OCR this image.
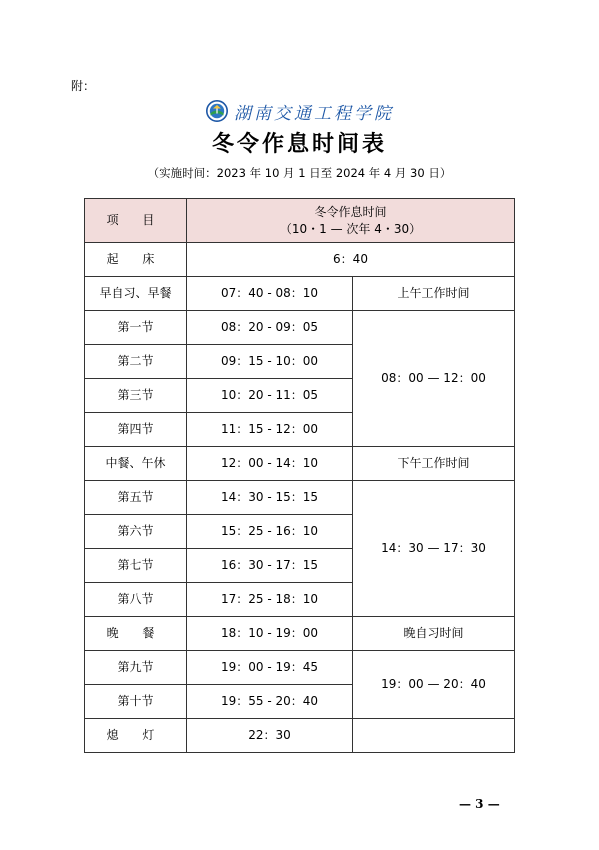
附：
湖南交通工程学院
冬令作息时间表
（实施时间：2023 年 10 月 1 日至 2024 年 4 月 30 日）
项 目	冬令作息时间
（10・1 — 次年 4・30）	

起 床	6：40	
早自习、早餐	07：40 - 08：10	上午工作时间
第一节	08：20 - 09：05	08：00 — 12：00
第二节	09：15 - 10：00	
第三节	10：20 - 11：05	
第四节	11：15 - 12：00	
中餐、午休	12：00 - 14：10	下午工作时间
第五节	14：30 - 15：15	14：30 — 17：30
第六节	15：25 - 16：10	
第七节	16：30 - 17：15	
第八节	17：25 - 18：10	
晚 餐	18：10 - 19：00	晚自习时间
第九节	19：00 - 19：45	19：00 — 20：40
第十节	19：55 - 20：40	
熄 灯	22：30	
— 3 —
